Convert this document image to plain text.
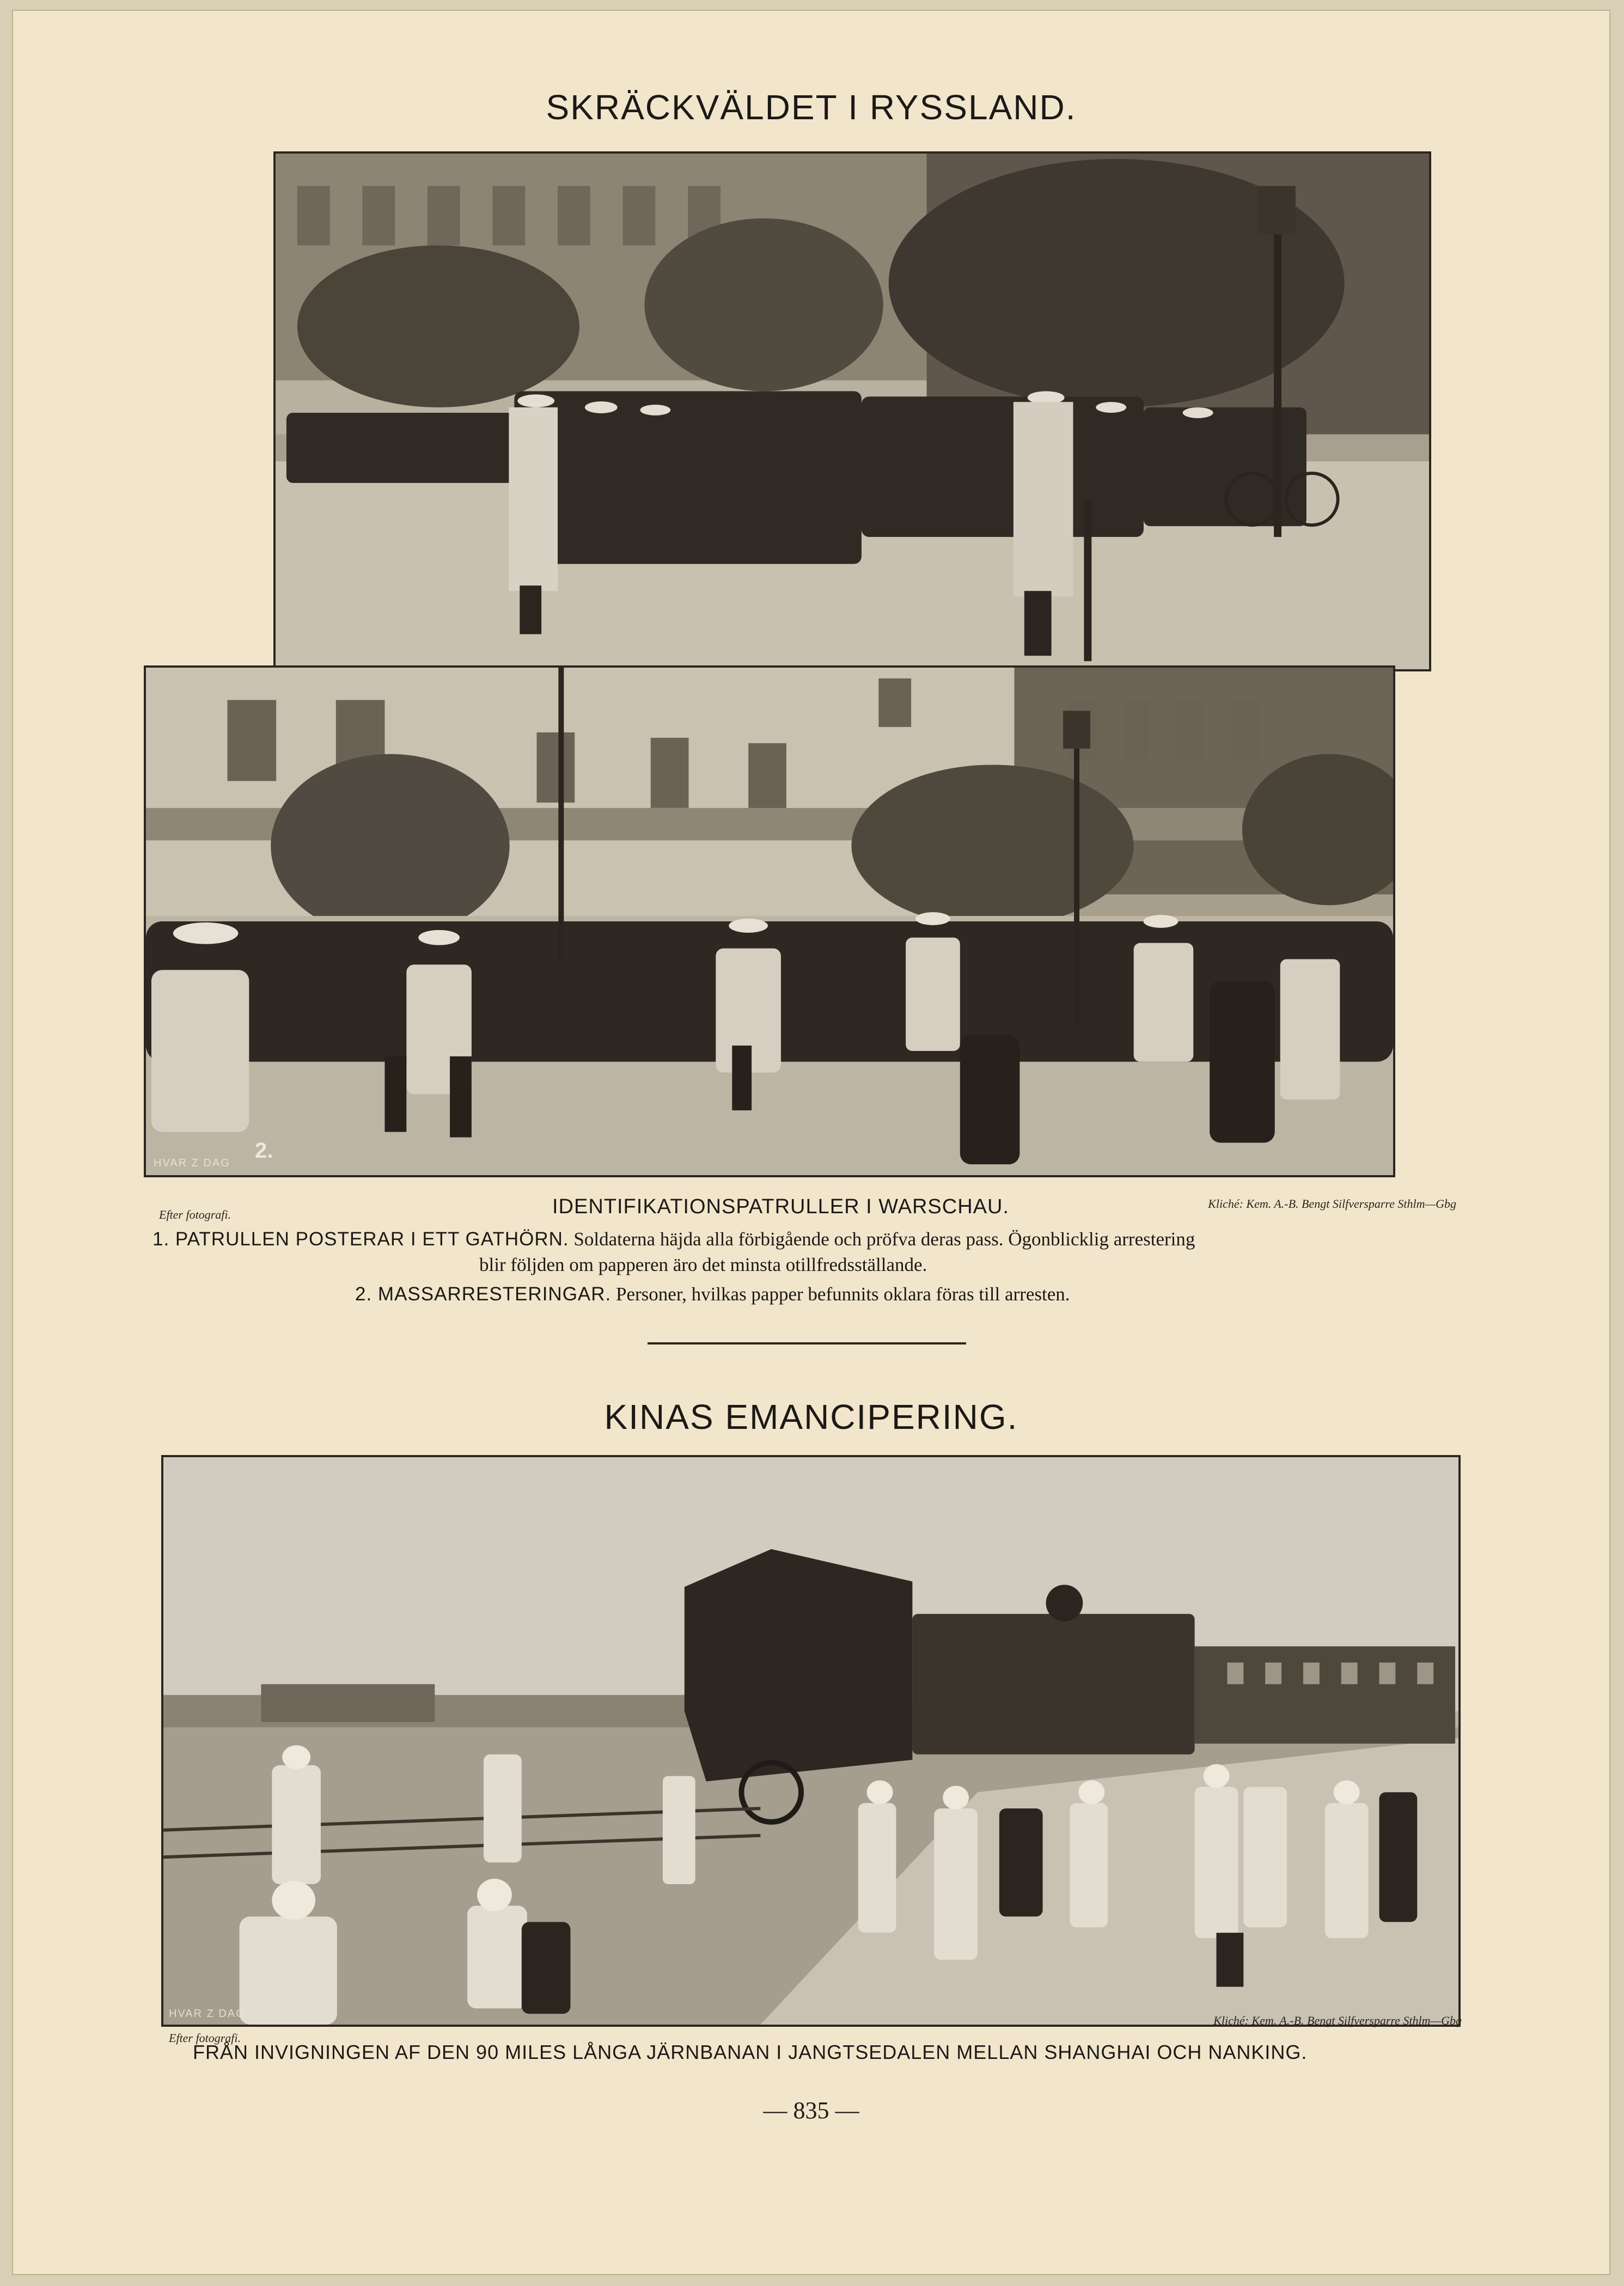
SKRÄCKVÄLDET I RYSSLAND.
HVAR Z DAG
2.
Efter fotografi.	IDENTIFIKATIONSPATRULLER I WARSCHAU.	Kliché: Kem. A.-B. Bengt Silfversparre Sthlm—Gbg
1. PATRULLEN POSTERAR I ETT GATHÖRN. Soldaterna häjda alla förbigående och pröfva deras pass. Ögonblicklig arrestering
blir följden om papperen äro det minsta otillfredsställande.
2. MASSARRESTERINGAR. Personer, hvilkas papper befunnits oklara föras till arresten.
KINAS EMANCIPERING.
HVAR Z DAG
Efter fotografi.
Kliché: Kem. A.-B. Bengt Silfversparre Sthlm—Gbg
FRÅN INVIGNINGEN AF DEN 90 MILES LÅNGA JÄRNBANAN I JANGTSEDALEN MELLAN SHANGHAI OCH NANKING.
— 835 —
